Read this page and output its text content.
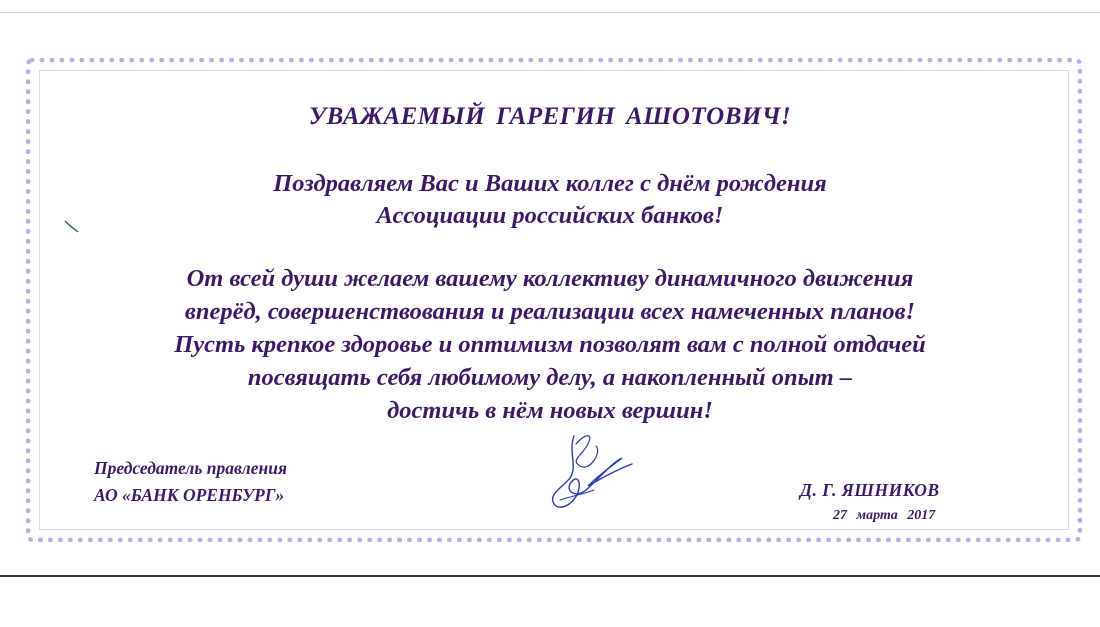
УВАЖАЕМЫЙ ГАРЕГИН АШОТОВИЧ!
Поздравляем Вас и Ваших коллег с днём рождения
Ассоциации российских банков!
От всей души желаем вашему коллективу динамичного движения
вперёд, совершенствования и реализации всех намеченных планов!
Пусть крепкое здоровье и оптимизм позволят вам с полной отдачей
посвящать себя любимому делу, а накопленный опыт –
достичь в нём новых вершин!
Председатель правления
АО «БАНК ОРЕНБУРГ»	Д. Г. ЯШНИКОВ
27 марта 2017
